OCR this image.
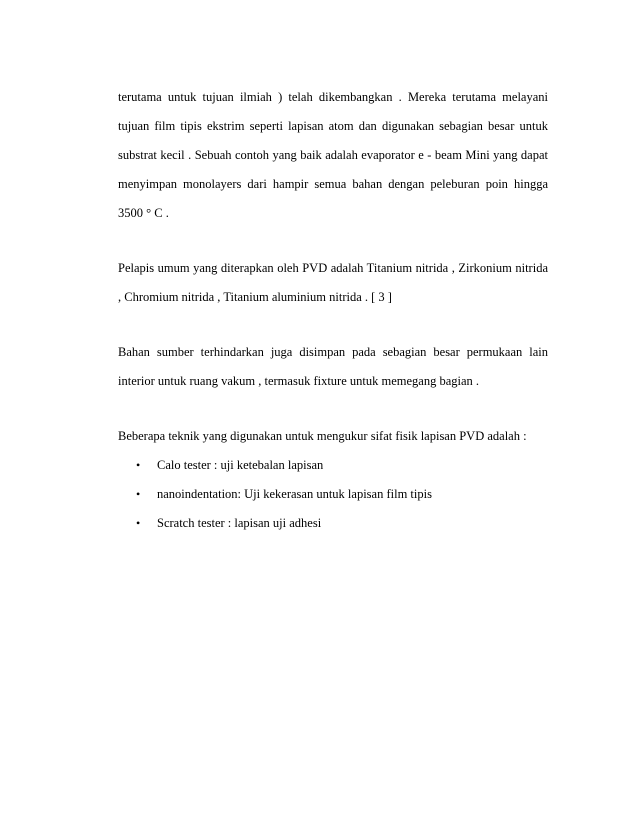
terutama untuk tujuan ilmiah ) telah dikembangkan . Mereka terutama melayani
tujuan film tipis ekstrim seperti lapisan atom dan digunakan sebagian besar untuk
substrat kecil . Sebuah contoh yang baik adalah evaporator e - beam Mini yang dapat
menyimpan monolayers dari hampir semua bahan dengan peleburan poin hingga
3500 ° C .

Pelapis umum yang diterapkan oleh PVD adalah Titanium nitrida , Zirkonium nitrida
, Chromium nitrida , Titanium aluminium nitrida . [ 3 ]

Bahan sumber terhindarkan juga disimpan pada sebagian besar permukaan lain
interior untuk ruang vakum , termasuk fixture untuk memegang bagian .

Beberapa teknik yang digunakan untuk mengukur sifat fisik lapisan PVD adalah :

• Calo tester : uji ketebalan lapisan
• nanoindentation: Uji kekerasan untuk lapisan film tipis
• Scratch tester : lapisan uji adhesi
